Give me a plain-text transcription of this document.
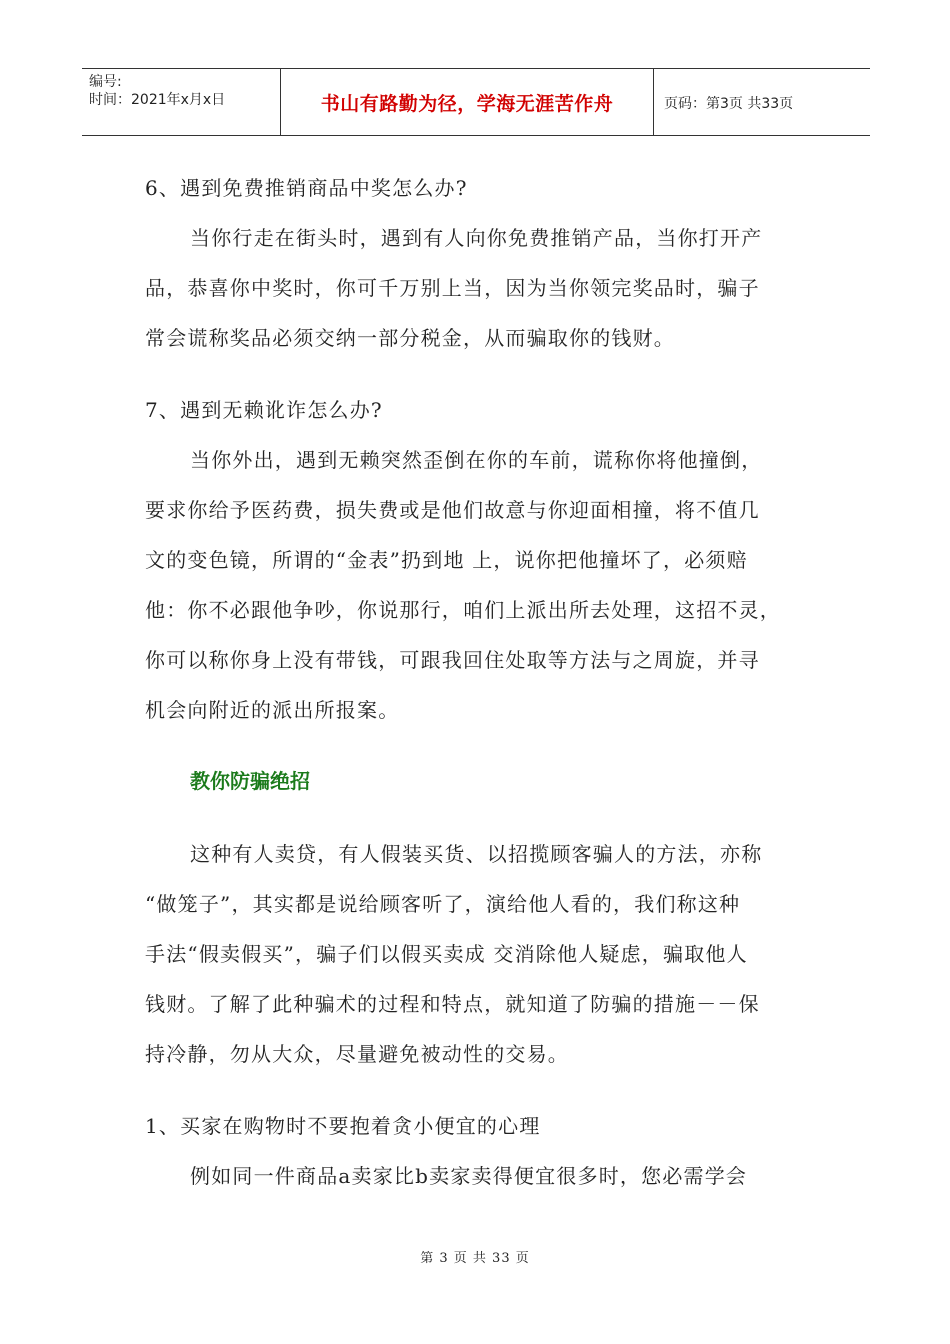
编号:
时间：2021年x月x日	书山有路勤为径，学海无涯苦作舟	页码：第3页 共33页
6、遇到免费推销商品中奖怎么办?
当你行走在街头时，遇到有人向你免费推销产品，当你打开产
品，恭喜你中奖时，你可千万别上当，因为当你领完奖品时，骗子
常会谎称奖品必须交纳一部分税金，从而骗取你的钱财。
7、遇到无赖讹诈怎么办?
当你外出，遇到无赖突然歪倒在你的车前，谎称你将他撞倒，
要求你给予医药费，损失费或是他们故意与你迎面相撞，将不值几
文的变色镜，所谓的“金表”扔到地 上，说你把他撞坏了，必须赔
他：你不必跟他争吵，你说那行，咱们上派出所去处理，这招不灵，
你可以称你身上没有带钱，可跟我回住处取等方法与之周旋，并寻
机会向附近的派出所报案。
教你防骗绝招
这种有人卖贷，有人假装买货、以招揽顾客骗人的方法，亦称
“做笼子”，其实都是说给顾客听了，演给他人看的，我们称这种
手法“假卖假买”，骗子们以假买卖成 交消除他人疑虑，骗取他人
钱财。了解了此种骗术的过程和特点，就知道了防骗的措施－－保
持冷静，勿从大众，尽量避免被动性的交易。
1、买家在购物时不要抱着贪小便宜的心理
例如同一件商品a卖家比b卖家卖得便宜很多时，您必需学会
第 3 页 共 33 页
